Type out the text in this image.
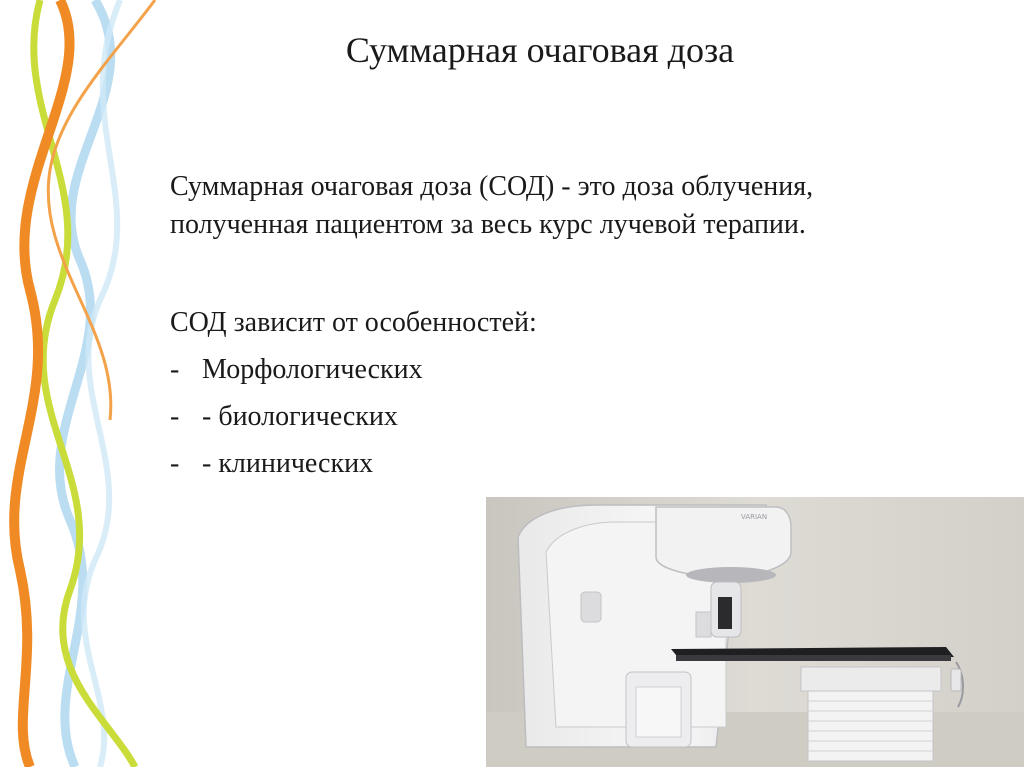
Суммарная очаговая доза
Суммарная очаговая доза (СОД) - это доза облучения,
полученная пациентом за весь курс лучевой терапии.
СОД зависит от особенностей:
- Морфологических
- - биологических
- - клинических
VARIAN
